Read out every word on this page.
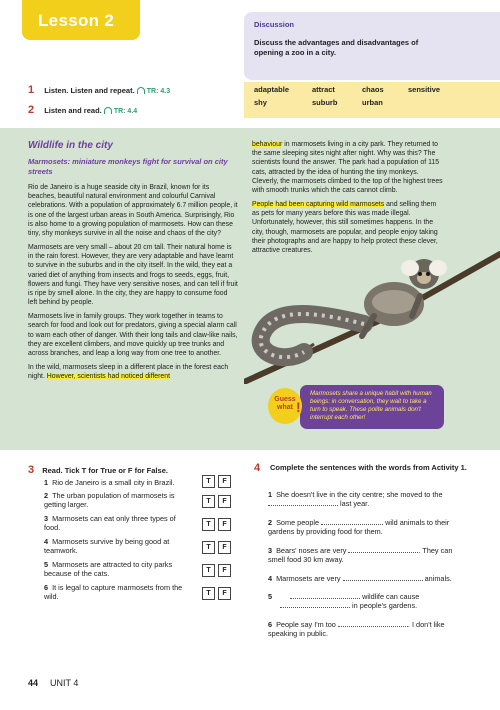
Lesson 2	Discussion
Discuss the advantages and disadvantages of opening a zoo in a city.
1 Listen. Listen and repeat. TR: 4.3
2 Listen and read. TR: 4.4
adaptable	attract	chaos	sensitive
shy	suburb	urban
Wildlife in the city
Marmosets: miniature monkeys fight for survival on city streets

Rio de Janeiro is a huge seaside city in Brazil, known for its beaches, beautiful natural environment and colourful Carnival celebrations. With a population of approximately 6.7 million people, it is one of the largest urban areas in South America. Surprisingly, Rio is also home to a growing population of marmosets. How can these tiny, shy monkeys survive in all the noise and chaos of the city?

Marmosets are very small – about 20 cm tall. Their natural home is in the rain forest. However, they are very adaptable and have learnt to survive in the suburbs and in the city itself. In the wild, they eat a varied diet of anything from insects and frogs to seeds, eggs, fruit, flowers and fungi. They have very sensitive noses, and can tell if fruit is ripe by smell alone. In the city, they are happy to consume food left behind by people.

Marmosets live in family groups. They work together in teams to search for food and look out for predators, giving a special alarm call to warn each other of danger. With their long tails and claw-like nails, they are excellent climbers, and move quickly up tree trunks and across branches, and leap a long way from one tree to another.

In the wild, marmosets sleep in a different place in the forest each night. However, scientists had noticed different

behaviour in marmosets living in a city park. They returned to the same sleeping sites night after night. Why was this? The scientists found the answer. The park had a population of 115 cats, attracted by the idea of hunting the tiny monkeys. Cleverly, the marmosets climbed to the top of the highest trees with smooth trunks which the cats cannot climb.

People had been capturing wild marmosets and selling them as pets for many years before this was made illegal. Unfortunately, however, this still sometimes happens. In the city, though, marmosets are popular, and people enjoy taking their photographs and are happy to help protect these clever, attractive creatures.

Guess
what !
Marmosets share a unique habit with human beings: in conversation, they wait to take a turn to speak. These polite animals don't interrupt each other!
3 Read. Tick T for True or F for False.
1 Rio de Janeiro is a small city in Brazil.
2 The urban population of marmosets is getting larger.
3 Marmosets can eat only three types of food.
4 Marmosets survive by being good at teamwork.
5 Marmosets are attracted to city parks because of the cats.
6 It is legal to capture marmosets from the wild.
T	F
T	F
T	F
T	F
T	F
T	F
4 Complete the sentences with the words from Activity 1.
1 She doesn't live in the city centre; she moved to the  last year.
2 Some people	wild animals to their gardens by providing food for them.
3 Bears' noses are very	. They can smell food 30 km away.
4 Marmosets are very	animals.
5	wildlife can cause
in people's gardens.
6 People say I'm too	. I don't like speaking in public.
44 UNIT 4
